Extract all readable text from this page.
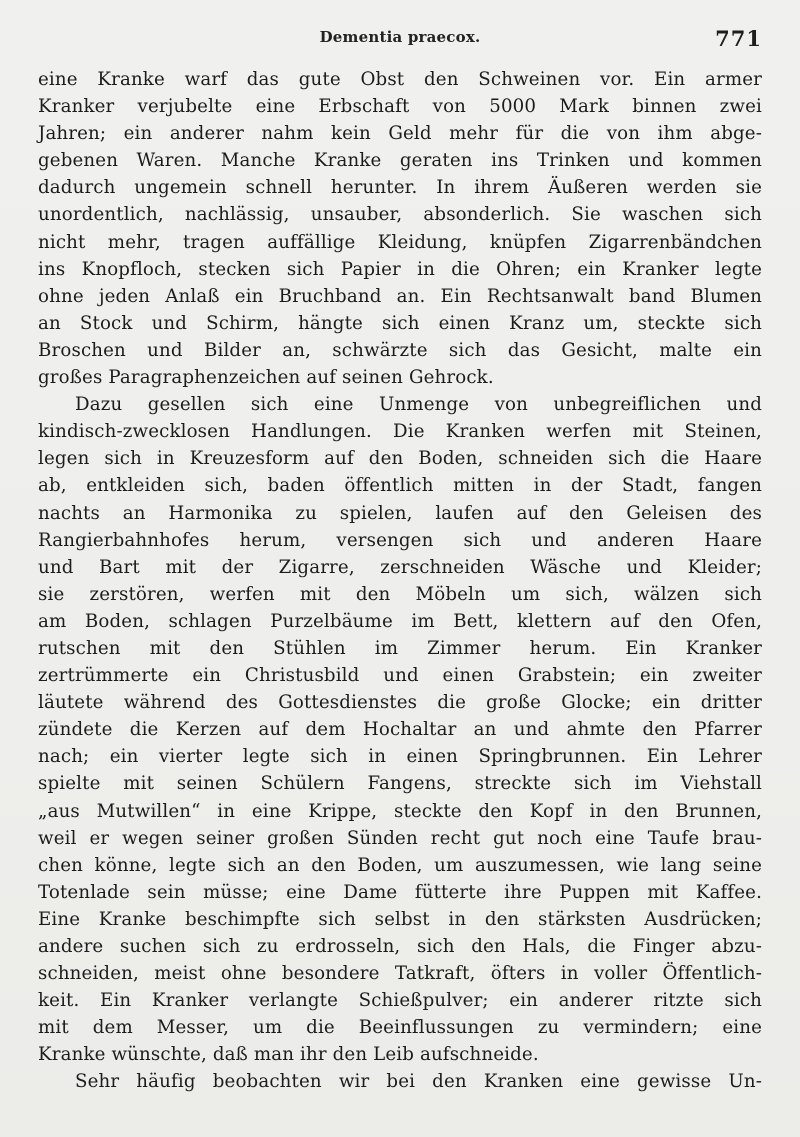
Dementia praecox.	771
eine Kranke warf das gute Obst den Schweinen vor. Ein armer
Kranker verjubelte eine Erbschaft von 5000 Mark binnen zwei
Jahren; ein anderer nahm kein Geld mehr für die von ihm abge-
gebenen Waren. Manche Kranke geraten ins Trinken und kommen
dadurch ungemein schnell herunter. In ihrem Äußeren werden sie
unordentlich, nachlässig, unsauber, absonderlich. Sie waschen sich
nicht mehr, tragen auffällige Kleidung, knüpfen Zigarrenbändchen
ins Knopfloch, stecken sich Papier in die Ohren; ein Kranker legte
ohne jeden Anlaß ein Bruchband an. Ein Rechtsanwalt band Blumen
an Stock und Schirm, hängte sich einen Kranz um, steckte sich
Broschen und Bilder an, schwärzte sich das Gesicht, malte ein
großes Paragraphenzeichen auf seinen Gehrock.
Dazu gesellen sich eine Unmenge von unbegreiflichen und
kindisch-zwecklosen Handlungen. Die Kranken werfen mit Steinen,
legen sich in Kreuzesform auf den Boden, schneiden sich die Haare
ab, entkleiden sich, baden öffentlich mitten in der Stadt, fangen
nachts an Harmonika zu spielen, laufen auf den Geleisen des
Rangierbahnhofes herum, versengen sich und anderen Haare
und Bart mit der Zigarre, zerschneiden Wäsche und Kleider;
sie zerstören, werfen mit den Möbeln um sich, wälzen sich
am Boden, schlagen Purzelbäume im Bett, klettern auf den Ofen,
rutschen mit den Stühlen im Zimmer herum. Ein Kranker
zertrümmerte ein Christusbild und einen Grabstein; ein zweiter
läutete während des Gottesdienstes die große Glocke; ein dritter
zündete die Kerzen auf dem Hochaltar an und ahmte den Pfarrer
nach; ein vierter legte sich in einen Springbrunnen. Ein Lehrer
spielte mit seinen Schülern Fangens, streckte sich im Viehstall
„aus Mutwillen“ in eine Krippe, steckte den Kopf in den Brunnen,
weil er wegen seiner großen Sünden recht gut noch eine Taufe brau-
chen könne, legte sich an den Boden, um auszumessen, wie lang seine
Totenlade sein müsse; eine Dame fütterte ihre Puppen mit Kaffee.
Eine Kranke beschimpfte sich selbst in den stärksten Ausdrücken;
andere suchen sich zu erdrosseln, sich den Hals, die Finger abzu-
schneiden, meist ohne besondere Tatkraft, öfters in voller Öffentlich-
keit. Ein Kranker verlangte Schießpulver; ein anderer ritzte sich
mit dem Messer, um die Beeinflussungen zu vermindern; eine
Kranke wünschte, daß man ihr den Leib aufschneide.
Sehr häufig beobachten wir bei den Kranken eine gewisse Un-
